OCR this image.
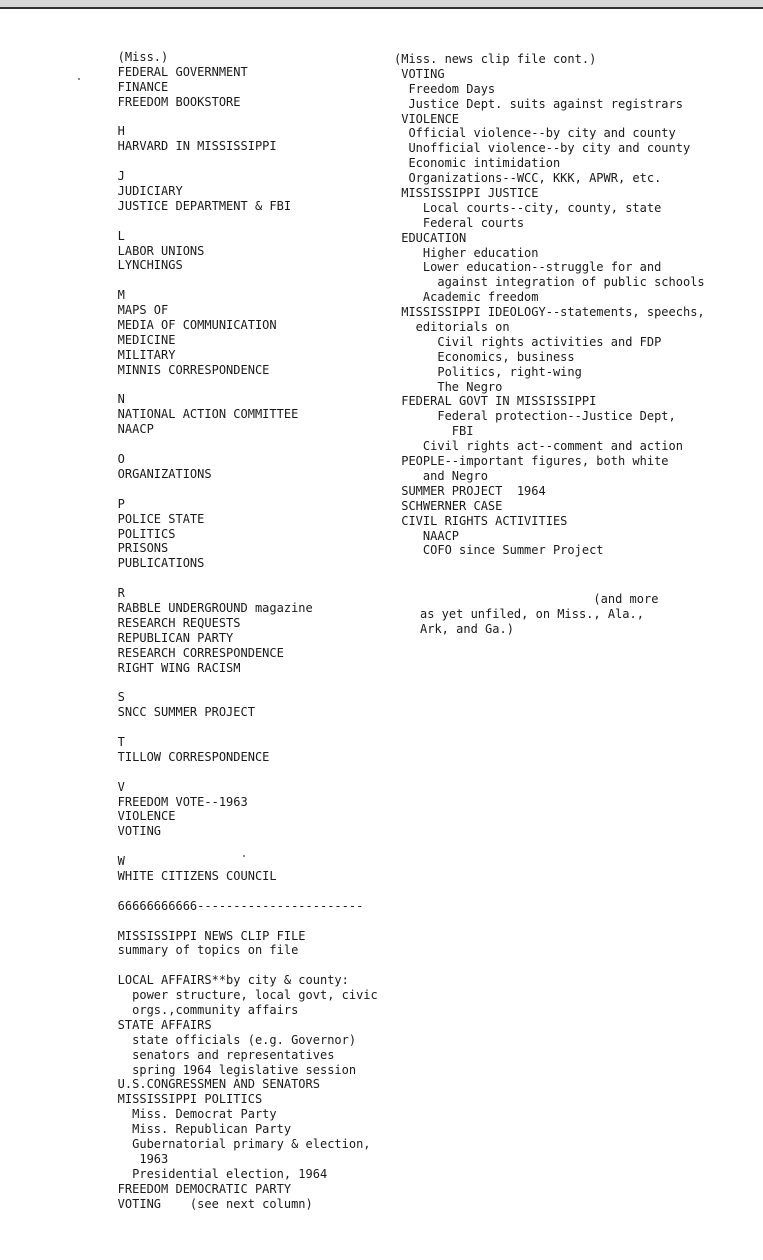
(Miss.)
FEDERAL GOVERNMENT
FINANCE
FREEDOM BOOKSTORE
H
HARVARD IN MISSISSIPPI
J
JUDICIARY
JUSTICE DEPARTMENT & FBI
L
LABOR UNIONS
LYNCHINGS
M
MAPS OF
MEDIA OF COMMUNICATION
MEDICINE
MILITARY
MINNIS CORRESPONDENCE
N
NATIONAL ACTION COMMITTEE
NAACP
O
ORGANIZATIONS
P
POLICE STATE
POLITICS
PRISONS
PUBLICATIONS
R
RABBLE UNDERGROUND magazine
RESEARCH REQUESTS
REPUBLICAN PARTY
RESEARCH CORRESPONDENCE
RIGHT WING RACISM
S
SNCC SUMMER PROJECT
T
TILLOW CORRESPONDENCE
V
FREEDOM VOTE--1963
VIOLENCE
VOTING
W
WHITE CITIZENS COUNCIL
66666666666-----------------------
MISSISSIPPI NEWS CLIP FILE
summary of topics on file
LOCAL AFFAIRS**by city & county:
power structure, local govt, civic
orgs.,community affairs
STATE AFFAIRS
state officials (e.g. Governor)
senators and representatives
spring 1964 legislative session
U.S.CONGRESSMEN AND SENATORS
MISSISSIPPI POLITICS
Miss. Democrat Party
Miss. Republican Party
Gubernatorial primary & election,
1963
Presidential election, 1964
FREEDOM DEMOCRATIC PARTY
VOTING    (see next column)
(Miss. news clip file cont.)
VOTING
Freedom Days
Justice Dept. suits against registrars
VIOLENCE
Official violence--by city and county
Unofficial violence--by city and county
Economic intimidation
Organizations--WCC, KKK, APWR, etc.
MISSISSIPPI JUSTICE
Local courts--city, county, state
Federal courts
EDUCATION
Higher education
Lower education--struggle for and
against integration of public schools
Academic freedom
MISSISSIPPI IDEOLOGY--statements, speechs,
editorials on
Civil rights activities and FDP
Economics, business
Politics, right-wing
The Negro
FEDERAL GOVT IN MISSISSIPPI
Federal protection--Justice Dept,
FBI
Civil rights act--comment and action
PEOPLE--important figures, both white
and Negro
SUMMER PROJECT  1964
SCHWERNER CASE
CIVIL RIGHTS ACTIVITIES
NAACP
COFO since Summer Project
(and more
as yet unfiled, on Miss., Ala.,
Ark, and Ga.)
